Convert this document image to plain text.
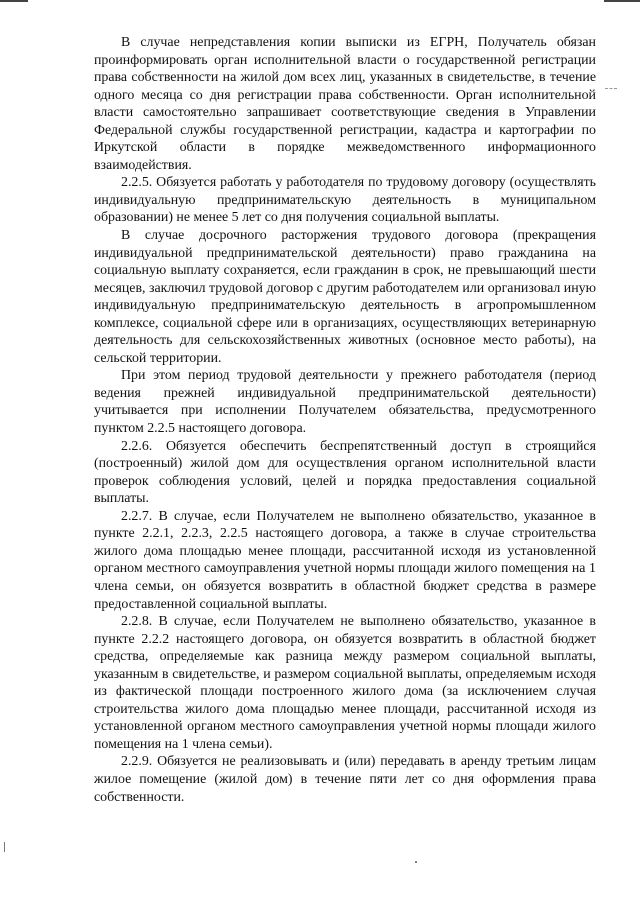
В случае непредставления копии выписки из ЕГРН, Получатель обязан проинформировать орган исполнительной власти о государственной регистрации права собственности на жилой дом всех лиц, указанных в свидетельстве, в течение одного месяца со дня регистрации права собственности. Орган исполнительной власти самостоятельно запрашивает соответствующие сведения в Управлении Федеральной службы государственной регистрации, кадастра и картографии по Иркутской области в порядке межведомственного информационного взаимодействия.

2.2.5. Обязуется работать у работодателя по трудовому договору (осуществлять индивидуальную предпринимательскую деятельность в муниципальном образовании) не менее 5 лет со дня получения социальной выплаты.

В случае досрочного расторжения трудового договора (прекращения индивидуальной предпринимательской деятельности) право гражданина на социальную выплату сохраняется, если гражданин в срок, не превышающий шести месяцев, заключил трудовой договор с другим работодателем или организовал иную индивидуальную предпринимательскую деятельность в агропромышленном комплексе, социальной сфере или в организациях, осуществляющих ветеринарную деятельность для сельскохозяйственных животных (основное место работы), на сельской территории.

При этом период трудовой деятельности у прежнего работодателя (период ведения прежней индивидуальной предпринимательской деятельности) учитывается при исполнении Получателем обязательства, предусмотренного пунктом 2.2.5 настоящего договора.

2.2.6. Обязуется обеспечить беспрепятственный доступ в строящийся (построенный) жилой дом для осуществления органом исполнительной власти проверок соблюдения условий, целей и порядка предоставления социальной выплаты.

2.2.7. В случае, если Получателем не выполнено обязательство, указанное в пункте 2.2.1, 2.2.3, 2.2.5 настоящего договора, а также в случае строительства жилого дома площадью менее площади, рассчитанной исходя из установленной органом местного самоуправления учетной нормы площади жилого помещения на 1 члена семьи, он обязуется возвратить в областной бюджет средства в размере предоставленной социальной выплаты.

2.2.8. В случае, если Получателем не выполнено обязательство, указанное в пункте 2.2.2 настоящего договора, он обязуется возвратить в областной бюджет средства, определяемые как разница между размером социальной выплаты, указанным в свидетельстве, и размером социальной выплаты, определяемым исходя из фактической площади построенного жилого дома (за исключением случая строительства жилого дома площадью менее площади, рассчитанной исходя из установленной органом местного самоуправления учетной нормы площади жилого помещения на 1 члена семьи).

2.2.9. Обязуется не реализовывать и (или) передавать в аренду третьим лицам жилое помещение (жилой дом) в течение пяти лет со дня оформления права собственности.
